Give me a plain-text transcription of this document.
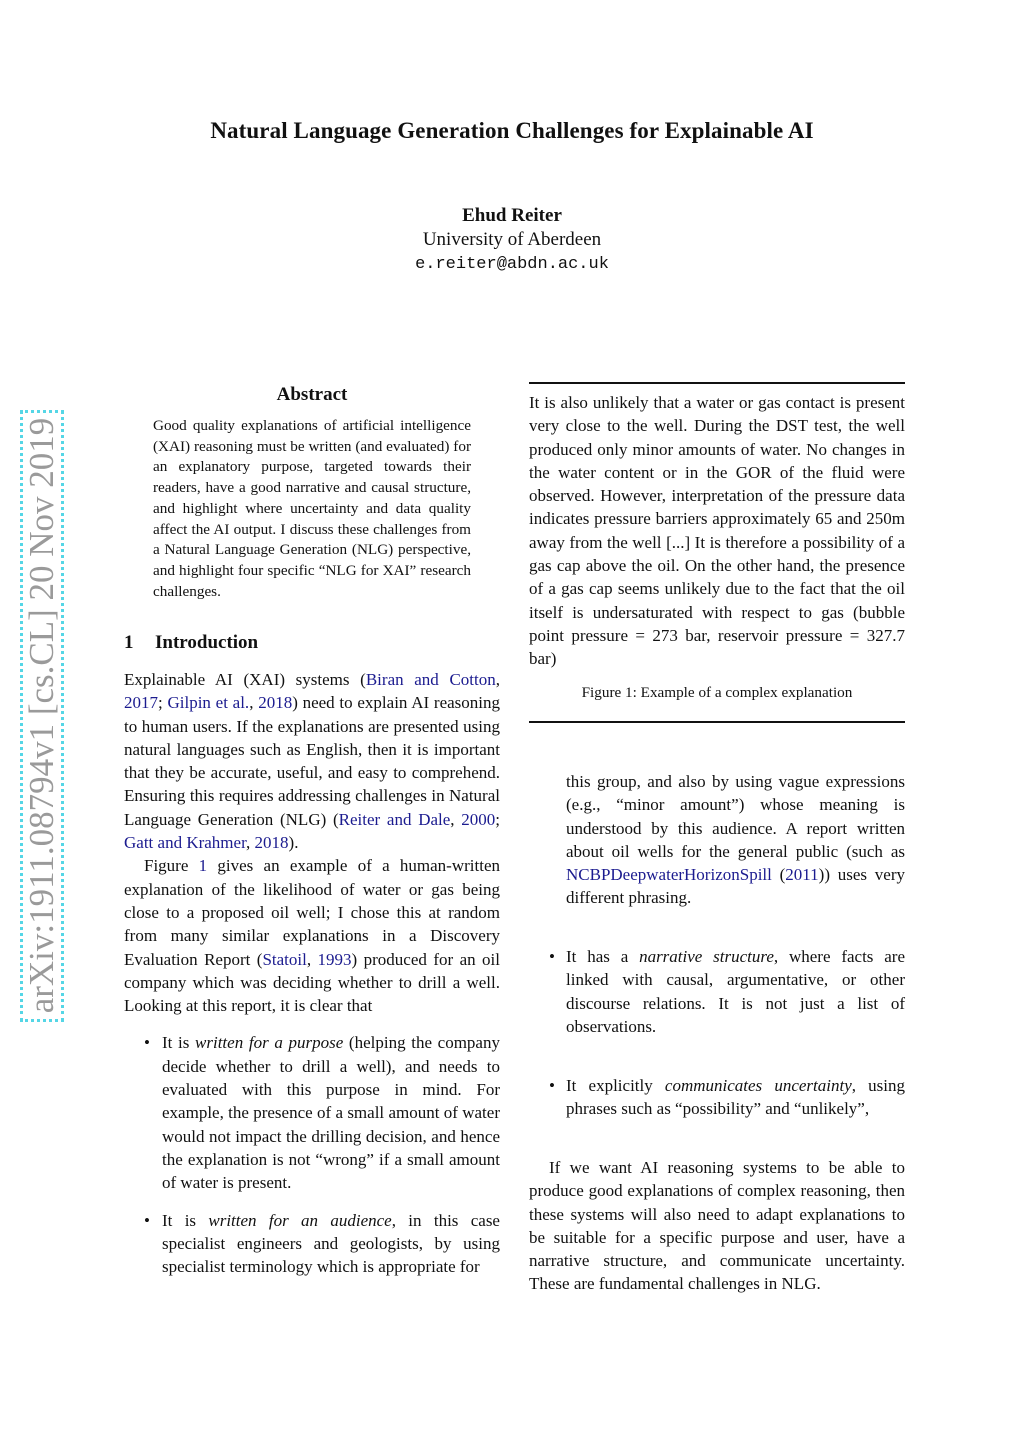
Natural Language Generation Challenges for Explainable AI
Ehud Reiter
University of Aberdeen
e.reiter@abdn.ac.uk
arXiv:1911.08794v1 [cs.CL] 20 Nov 2019
Abstract
Good quality explanations of artificial intelligence (XAI) reasoning must be written (and evaluated) for an explanatory purpose, targeted towards their readers, have a good narrative and causal structure, and highlight where uncertainty and data quality affect the AI output. I discuss these challenges from a Natural Language Generation (NLG) perspective, and highlight four specific “NLG for XAI” research challenges.
1 Introduction

Explainable AI (XAI) systems (Biran and Cotton, 2017; Gilpin et al., 2018) need to explain AI reasoning to human users. If the explanations are presented using natural languages such as English, then it is important that they be accurate, useful, and easy to comprehend. Ensuring this requires addressing challenges in Natural Language Generation (NLG) (Reiter and Dale, 2000; Gatt and Krahmer, 2018).

Figure 1 gives an example of a human-written explanation of the likelihood of water or gas being close to a proposed oil well; I chose this at random from many similar explanations in a Discovery Evaluation Report (Statoil, 1993) produced for an oil company which was deciding whether to drill a well. Looking at this report, it is clear that

• It is written for a purpose (helping the company decide whether to drill a well), and needs to evaluated with this purpose in mind. For example, the presence of a small amount of water would not impact the drilling decision, and hence the explanation is not “wrong” if a small amount of water is present.
• It is written for an audience, in this case specialist engineers and geologists, by using specialist terminology which is appropriate for
It is also unlikely that a water or gas contact is present very close to the well. During the DST test, the well produced only minor amounts of water. No changes in the water content or in the GOR of the fluid were observed. However, interpretation of the pressure data indicates pressure barriers approximately 65 and 250m away from the well [...] It is therefore a possibility of a gas cap above the oil. On the other hand, the presence of a gas cap seems unlikely due to the fact that the oil itself is undersaturated with respect to gas (bubble point pressure = 273 bar, reservoir pressure = 327.7 bar)
Figure 1: Example of a complex explanation
this group, and also by using vague expressions (e.g., “minor amount”) whose meaning is understood by this audience. A report written about oil wells for the general public (such as NCBPDeepwaterHorizonSpill (2011)) uses very different phrasing.
• It has a narrative structure, where facts are linked with causal, argumentative, or other discourse relations. It is not just a list of observations.
• It explicitly communicates uncertainty, using phrases such as “possibility” and “unlikely”,
If we want AI reasoning systems to be able to produce good explanations of complex reasoning, then these systems will also need to adapt explanations to be suitable for a specific purpose and user, have a narrative structure, and communicate uncertainty. These are fundamental challenges in NLG.
